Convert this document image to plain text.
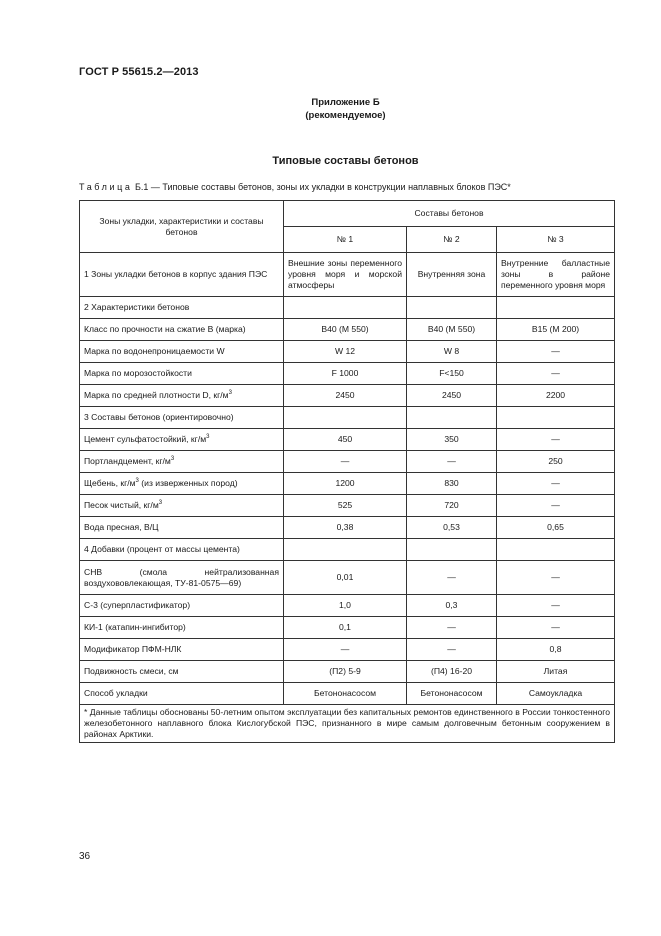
ГОСТ Р 55615.2—2013
Приложение Б
(рекомендуемое)
Типовые составы бетонов
Таблица Б.1 — Типовые составы бетонов, зоны их укладки в конструкции наплавных блоков ПЭС*
Зоны укладки, характеристики и составы бетонов	Составы бетонов		
	№ 1	№ 2	№ 3
1 Зоны укладки бетонов в корпус здания ПЭС	Внешние зоны переменного уровня моря и морской атмосферы	Внутренняя зона	Внутренние балластные зоны в районе переменного уровня моря
2 Характеристики бетонов			
Класс по прочности на сжатие В (марка)	В40 (М 550)	В40 (М 550)	В15 (М 200)
Марка по водонепроницаемости W	W 12	W 8	—
Марка по морозостойкости	F 1000	F<150	—
Марка по средней плотности D, $кг/м^3$	2450	2450	2200
3 Составы бетонов (ориентировочно)			
Цемент сульфатостойкий, $кг/м^3$	450	350	—
Портландцемент, $кг/м^3$	—	—	250
Щебень, $кг/м^3$ (из изверженных пород)	1200	830	—
Песок чистый, $кг/м^3$	525	720	—
Вода пресная, В/Ц	0,38	0,53	0,65
4 Добавки (процент от массы цемента)			
СНВ (смола нейтрализованная воздухововлекающая, ТУ-81-0575—69)	0,01	—	—
С-3 (суперпластификатор)	1,0	0,3	—
КИ-1 (катапин-ингибитор)	0,1	—	—
Модификатор ПФМ-НЛК	—	—	0,8
Подвижность смеси, см	(П2) 5-9	(П4) 16-20	Литая
Способ укладки	Бетононасосом	Бетононасосом	Самоукладка
* Данные таблицы обоснованы 50-летним опытом эксплуатации без капитальных ремонтов единственного в России тонкостенного железобетонного наплавного блока Кислогубской ПЭС, признанного в мире самым долговечным бетонным сооружением в районах Арктики.			
36
